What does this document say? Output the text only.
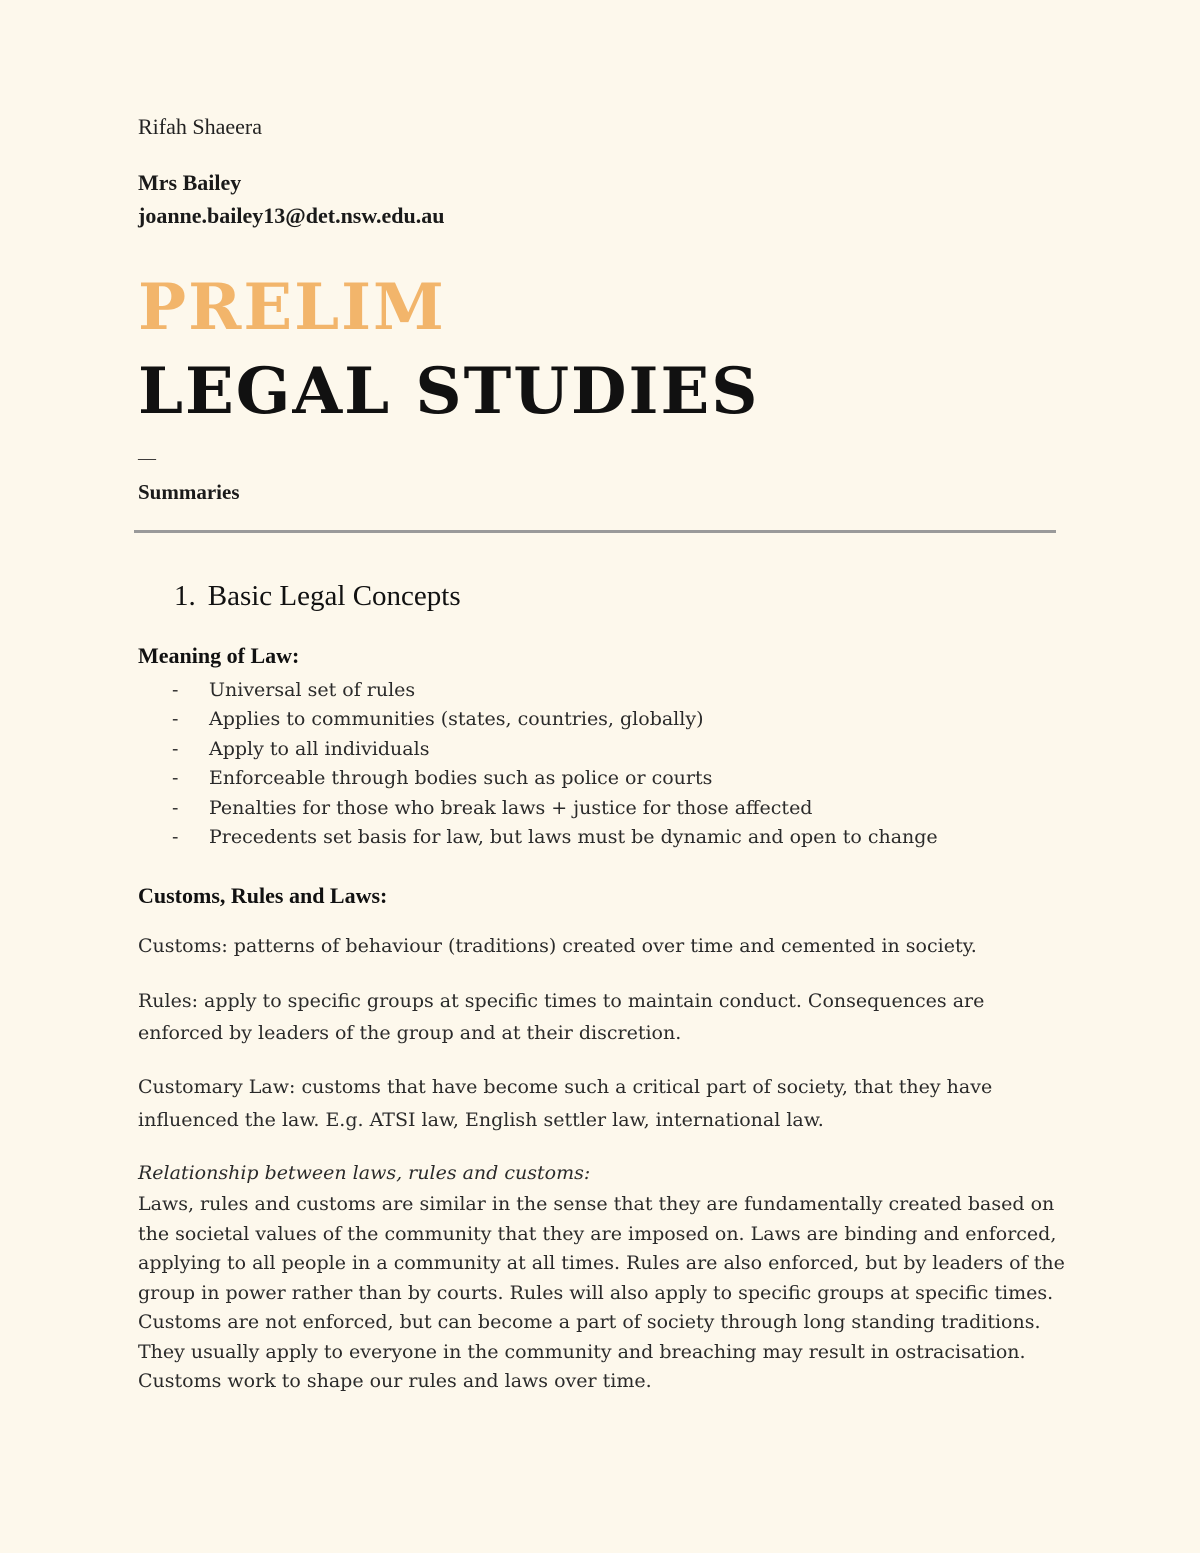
Rifah Shaeera
Mrs Bailey
joanne.bailey13@det.nsw.edu.au
PRELIM
LEGAL STUDIES
—
Summaries
1. Basic Legal Concepts
Meaning of Law:
- Universal set of rules
- Applies to communities (states, countries, globally)
- Apply to all individuals
- Enforceable through bodies such as police or courts
- Penalties for those who break laws + justice for those affected
- Precedents set basis for law, but laws must be dynamic and open to change
Customs, Rules and Laws:

Customs: patterns of behaviour (traditions) created over time and cemented in society.

Rules: apply to specific groups at specific times to maintain conduct. Consequences are enforced by leaders of the group and at their discretion.

Customary Law: customs that have become such a critical part of society, that they have influenced the law. E.g. ATSI law, English settler law, international law.

Relationship between laws, rules and customs:

Laws, rules and customs are similar in the sense that they are fundamentally created based on the societal values of the community that they are imposed on. Laws are binding and enforced, applying to all people in a community at all times. Rules are also enforced, but by leaders of the group in power rather than by courts. Rules will also apply to specific groups at specific times. Customs are not enforced, but can become a part of society through long standing traditions. They usually apply to everyone in the community and breaching may result in ostracisation. Customs work to shape our rules and laws over time.
